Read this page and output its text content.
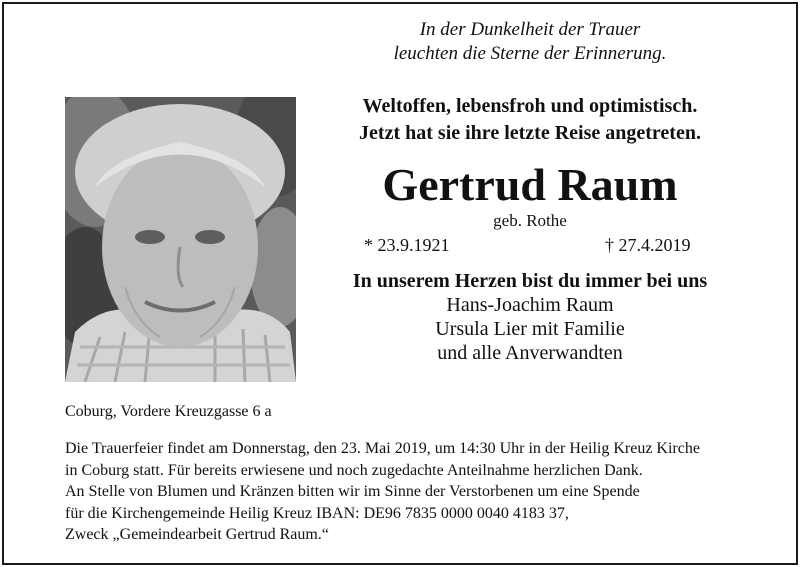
In der Dunkelheit der Trauer
leuchten die Sterne der Erinnerung.
Weltoffen, lebensfroh und optimistisch.
Jetzt hat sie ihre letzte Reise angetreten.
Gertrud Raum
geb. Rothe
* 23.9.1921	† 27.4.2019
In unserem Herzen bist du immer bei uns
Hans-Joachim Raum
Ursula Lier mit Familie
und alle Anverwandten
Coburg, Vordere Kreuzgasse 6 a
Die Trauerfeier findet am Donnerstag, den 23. Mai 2019, um 14:30 Uhr in der Heilig Kreuz Kirche
in Coburg statt. Für bereits erwiesene und noch zugedachte Anteilnahme herzlichen Dank.
An Stelle von Blumen und Kränzen bitten wir im Sinne der Verstorbenen um eine Spende
für die Kirchengemeinde Heilig Kreuz IBAN: DE96 7835 0000 0040 4183 37,
Zweck „Gemeindearbeit Gertrud Raum.“
